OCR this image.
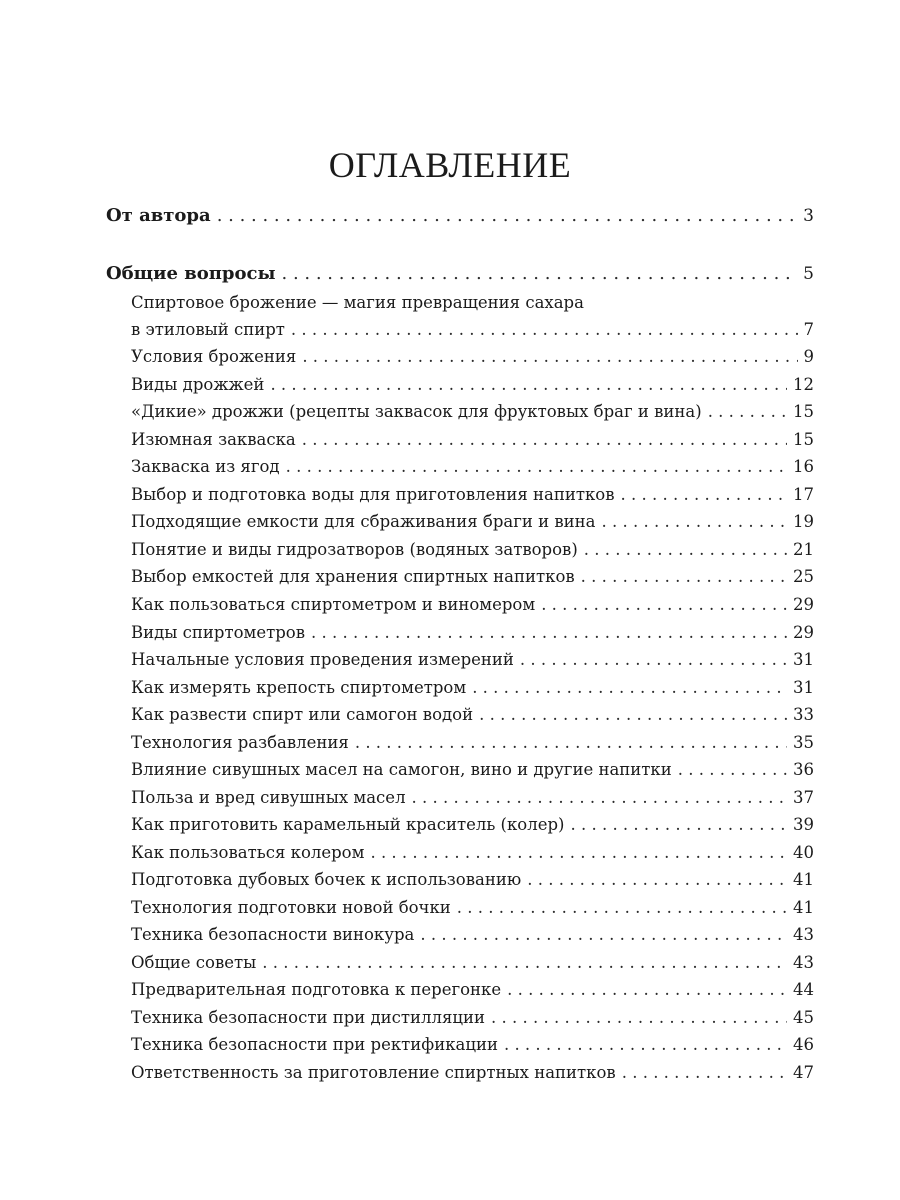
ОГЛАВЛЕНИЕ
От автора . . .	3
Общие вопросы . . .	5
Спиртовое брожение — магия превращения сахара
в этиловый спирт . . .	7
Условия брожения . . .	9
Виды дрожжей . . .	12
«Дикие» дрожжи (рецепты заквасок для фруктовых браг и вина) . . .	15
Изюмная закваска . . .	15
Закваска из ягод . . .	16
Выбор и подготовка воды для приготовления напитков . . .	17
Подходящие емкости для сбраживания браги и вина . . .	19
Понятие и виды гидрозатворов (водяных затворов) . . .	21
Выбор емкостей для хранения спиртных напитков . . .	25
Как пользоваться спиртометром и виномером . . .	29
Виды спиртометров . . .	29
Начальные условия проведения измерений . . .	31
Как измерять крепость спиртометром . . .	31
Как развести спирт или самогон водой . . .	33
Технология разбавления . . .	35
Влияние сивушных масел на самогон, вино и другие напитки . . .	36
Польза и вред сивушных масел . . .	37
Как приготовить карамельный краситель (колер) . . .	39
Как пользоваться колером . . .	40
Подготовка дубовых бочек к использованию . . .	41
Технология подготовки новой бочки . . .	41
Техника безопасности винокура . . .	43
Общие советы . . .	43
Предварительная подготовка к перегонке . . .	44
Техника безопасности при дистилляции . . .	45
Техника безопасности при ректификации . . .	46
Ответственность за приготовление спиртных напитков . . .	47
